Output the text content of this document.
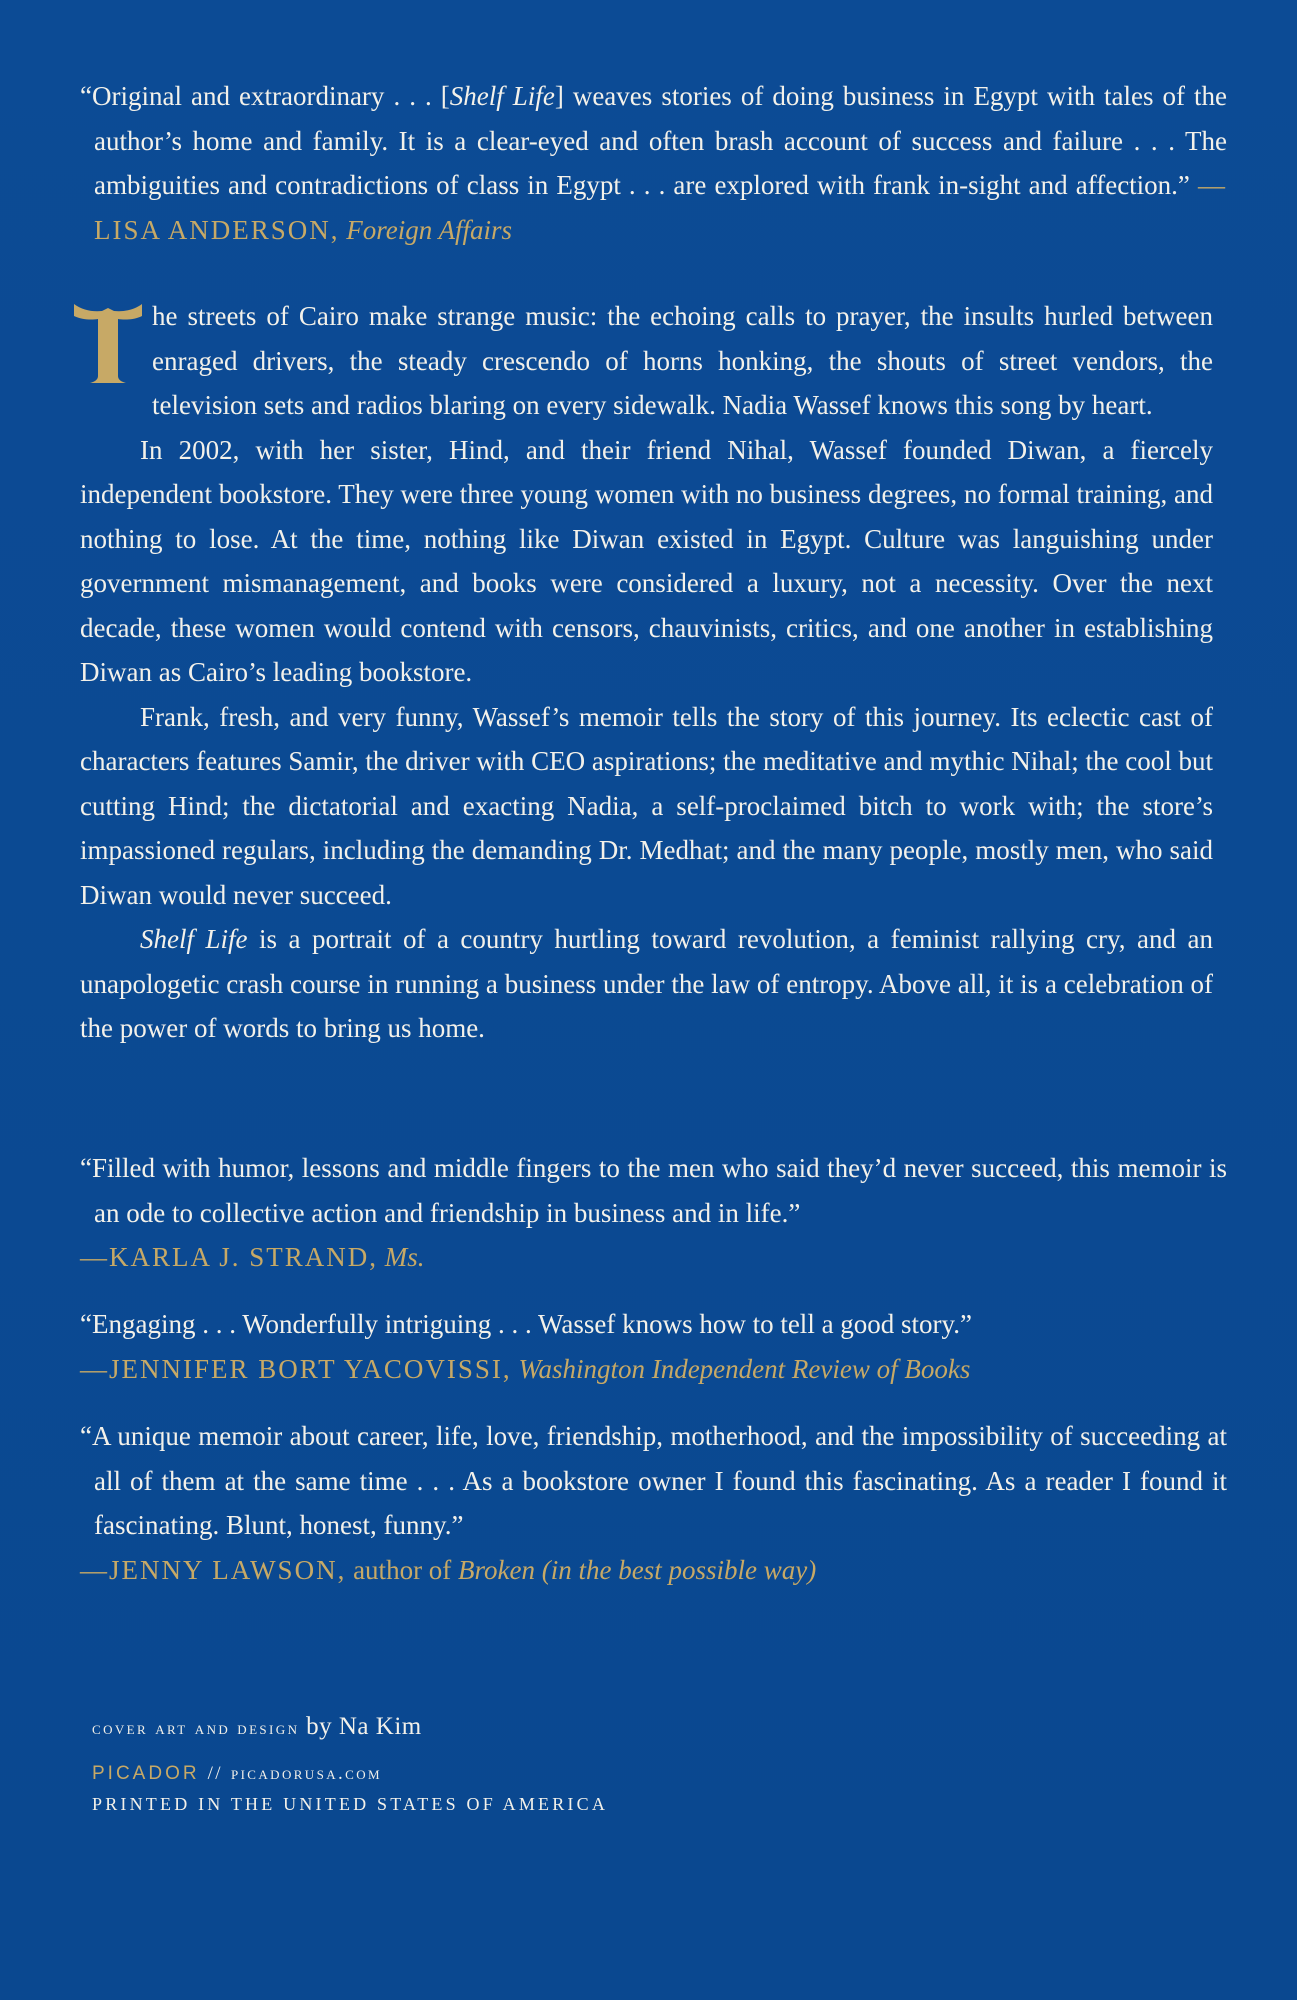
“Original and extraordinary . . . [Shelf Life] weaves stories of doing business in Egypt with tales of the author’s home and family. It is a clear-eyed and often brash account of success and failure . . . The ambiguities and contradictions of class in Egypt . . . are explored with frank in-sight and affection.” —LISA ANDERSON, Foreign Affairs

he streets of Cairo make strange music: the echoing calls to prayer, the insults hurled between enraged drivers, the steady crescendo of horns honking, the shouts of street vendors, the television sets and radios blaring on every sidewalk. Nadia Wassef knows this song by heart.

In 2002, with her sister, Hind, and their friend Nihal, Wassef founded Diwan, a fiercely independent bookstore. They were three young women with no business degrees, no formal training, and nothing to lose. At the time, nothing like Diwan existed in Egypt. Culture was languishing under government mismanagement, and books were considered a luxury, not a necessity. Over the next decade, these women would contend with censors, chauvinists, critics, and one another in establishing Diwan as Cairo’s leading bookstore.

Frank, fresh, and very funny, Wassef’s memoir tells the story of this journey. Its eclectic cast of characters features Samir, the driver with CEO aspirations; the meditative and mythic Nihal; the cool but cutting Hind; the dictatorial and exacting Nadia, a self-proclaimed bitch to work with; the store’s impassioned regulars, including the demanding Dr. Medhat; and the many people, mostly men, who said Diwan would never succeed.

Shelf Life is a portrait of a country hurtling toward revolution, a feminist rallying cry, and an unapologetic crash course in running a business under the law of entropy. Above all, it is a celebration of the power of words to bring us home.

“Filled with humor, lessons and middle fingers to the men who said they’d never succeed, this memoir is an ode to collective action and friendship in business and in life.”
—KARLA J. STRAND, Ms.
“Engaging . . . Wonderfully intriguing . . . Wassef knows how to tell a good story.”
—JENNIFER BORT YACOVISSI, Washington Independent Review of Books
“A unique memoir about career, life, love, friendship, motherhood, and the impossibility of succeeding at all of them at the same time . . . As a bookstore owner I found this fascinating. As a reader I found it fascinating. Blunt, honest, funny.”
—JENNY LAWSON, author of Broken (in the best possible way)

cover art and design by Na Kim

PICADOR // picadorusa.com

PRINTED IN THE UNITED STATES OF AMERICA
